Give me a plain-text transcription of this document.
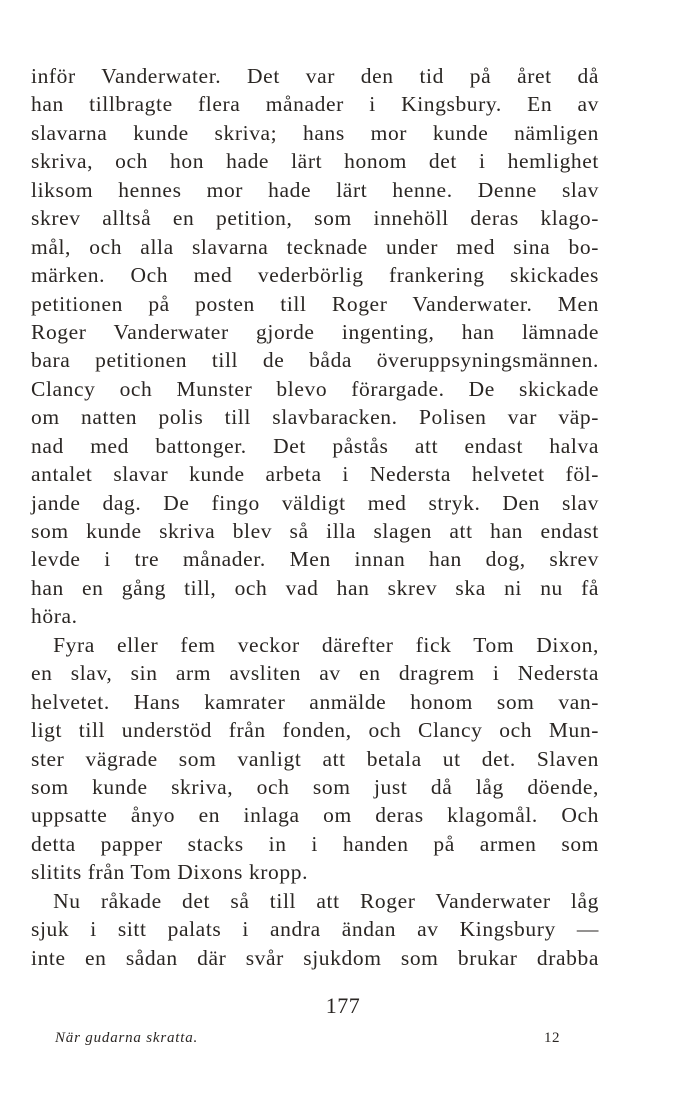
inför Vanderwater. Det var den tid på året då
han tillbragte flera månader i Kingsbury. En av
slavarna kunde skriva; hans mor kunde nämligen
skriva, och hon hade lärt honom det i hemlighet
liksom hennes mor hade lärt henne. Denne slav
skrev alltså en petition, som innehöll deras klago-
mål, och alla slavarna tecknade under med sina bo-
märken. Och med vederbörlig frankering skickades
petitionen på posten till Roger Vanderwater. Men
Roger Vanderwater gjorde ingenting, han lämnade
bara petitionen till de båda överuppsyningsmännen.
Clancy och Munster blevo förargade. De skickade
om natten polis till slavbaracken. Polisen var väp-
nad med battonger. Det påstås att endast halva
antalet slavar kunde arbeta i Nedersta helvetet föl-
jande dag. De fingo väldigt med stryk. Den slav
som kunde skriva blev så illa slagen att han endast
levde i tre månader. Men innan han dog, skrev
han en gång till, och vad han skrev ska ni nu få
höra.
 Fyra eller fem veckor därefter fick Tom Dixon,
en slav, sin arm avsliten av en dragrem i Nedersta
helvetet. Hans kamrater anmälde honom som van-
ligt till understöd från fonden, och Clancy och Mun-
ster vägrade som vanligt att betala ut det. Slaven
som kunde skriva, och som just då låg döende,
uppsatte ånyo en inlaga om deras klagomål. Och
detta papper stacks in i handen på armen som
slitits från Tom Dixons kropp.
 Nu råkade det så till att Roger Vanderwater låg
sjuk i sitt palats i andra ändan av Kingsbury —
inte en sådan där svår sjukdom som brukar drabba
177
När gudarna skratta.	12
